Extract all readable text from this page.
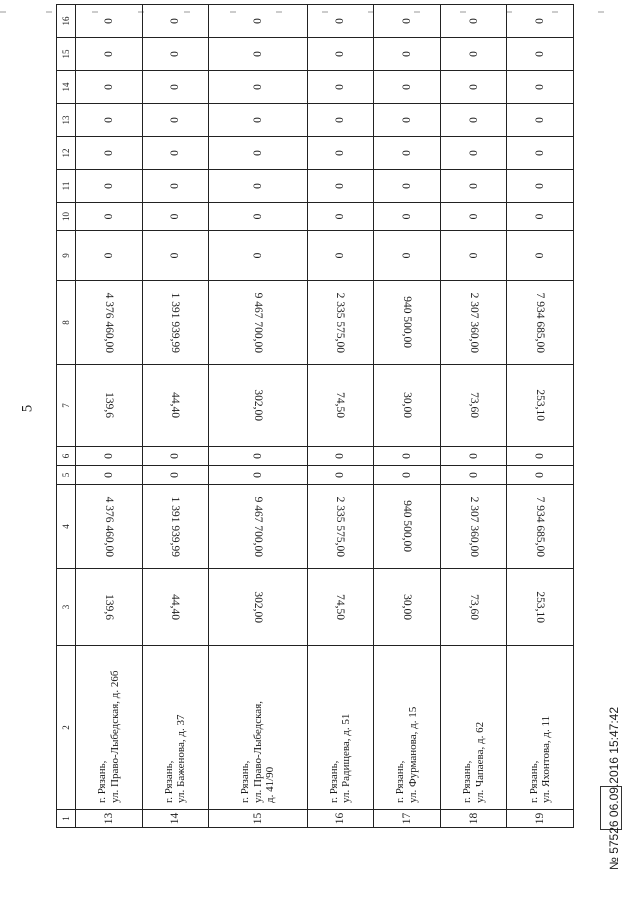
5
1	2	3	4	5	6	7	8	9	10	11	12	13	14	15	16
13	г. Рязань, ул. Право-Лыбедская, д. 26б	139,6	4 376 460,00	0	0	139,6	4 376 460,00	0	0	0	0	0	0	0	0
14	г. Рязань, ул. Баженова, д. 37	44,40	1 391 939,99	0	0	44,40	1 391 939,99	0	0	0	0	0	0	0	0
15	г. Рязань, ул. Право-Лыбедская, д. 41/90	302,00	9 467 700,00	0	0	302,00	9 467 700,00	0	0	0	0	0	0	0	0
16	г. Рязань, ул. Радищева, д. 51	74,50	2 335 575,00	0	0	74,50	2 335 575,00	0	0	0	0	0	0	0	0
17	г. Рязань, ул. Фурманова, д. 15	30,00	940 500,00	0	0	30,00	940 500,00	0	0	0	0	0	0	0	0
18	г. Рязань, ул. Чапаева, д. 62	73,60	2 307 360,00	0	0	73,60	2 307 360,00	0	0	0	0	0	0	0	0
19	г. Рязань, ул. Яхонтова, д. 11	253,10	7 934 685,00	0	0	253,10	7 934 685,00	0	0	0	0	0	0	0	0
№ 57526 06.09.2016 15:47:42
